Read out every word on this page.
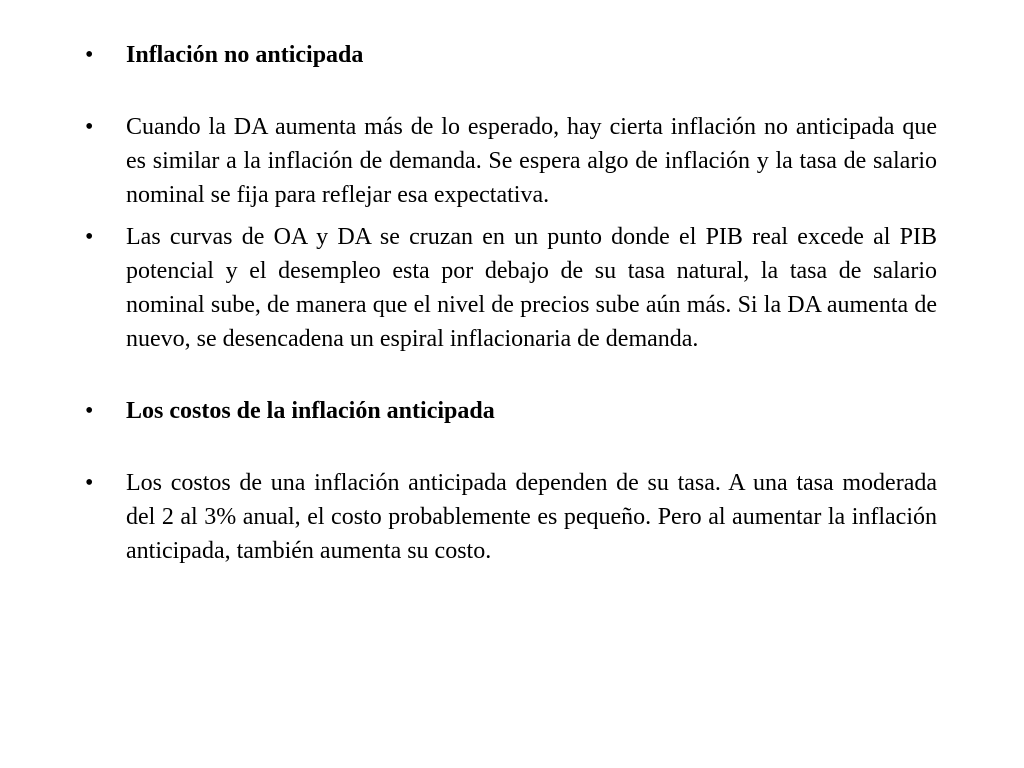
•	Inflación no anticipada
•	Cuando la DA aumenta más de lo esperado, hay cierta inflación no anticipada que es similar a la inflación de demanda. Se espera algo de inflación y la tasa de salario nominal se fija para reflejar esa expectativa.
•	Las curvas de OA y DA se cruzan en un punto donde el PIB real excede al PIB potencial y el desempleo esta por debajo de su tasa natural, la tasa de salario nominal sube, de manera que el nivel de precios sube aún más. Si la DA aumenta de nuevo, se desencadena un espiral inflacionaria de demanda.
•	Los costos de la inflación anticipada
•	Los costos de una inflación anticipada dependen de su tasa. A una tasa moderada del 2 al 3% anual, el costo probablemente es pequeño. Pero al aumentar la inflación anticipada, también aumenta su costo.
